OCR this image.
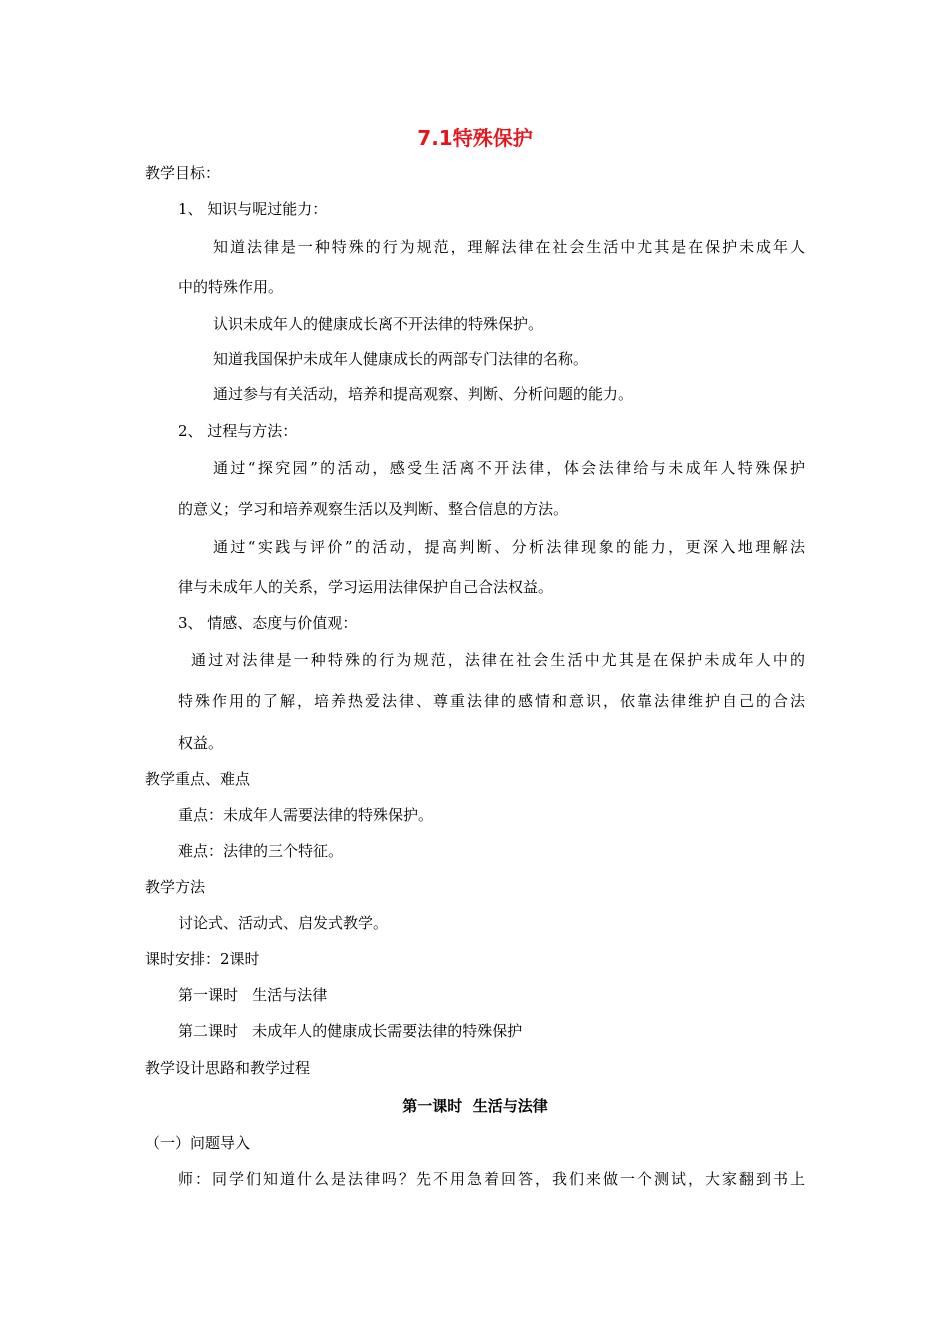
7.1特殊保护

教学目标：

1、 知识与呢过能力：

知道法律是一种特殊的行为规范，理解法律在社会生活中尤其是在保护未成年人

中的特殊作用。

认识未成年人的健康成长离不开法律的特殊保护。

知道我国保护未成年人健康成长的两部专门法律的名称。

通过参与有关活动，培养和提高观察、判断、分析问题的能力。

2、 过程与方法：

通过“探究园”的活动，感受生活离不开法律，体会法律给与未成年人特殊保护

的意义；学习和培养观察生活以及判断、整合信息的方法。

通过“实践与评价”的活动，提高判断、分析法律现象的能力，更深入地理解法

律与未成年人的关系，学习运用法律保护自己合法权益。

3、 情感、态度与价值观：

通过对法律是一种特殊的行为规范，法律在社会生活中尤其是在保护未成年人中的

特殊作用的了解，培养热爱法律、尊重法律的感情和意识，依靠法律维护自己的合法

权益。

教学重点、难点

重点：未成年人需要法律的特殊保护。

难点：法律的三个特征。

教学方法

讨论式、活动式、启发式教学。

课时安排：2课时

第一课时   生活与法律

第二课时   未成年人的健康成长需要法律的特殊保护

教学设计思路和教学过程

第一课时  生活与法律

（一）问题导入

师：同学们知道什么是法律吗？先不用急着回答，我们来做一个测试，大家翻到书上
